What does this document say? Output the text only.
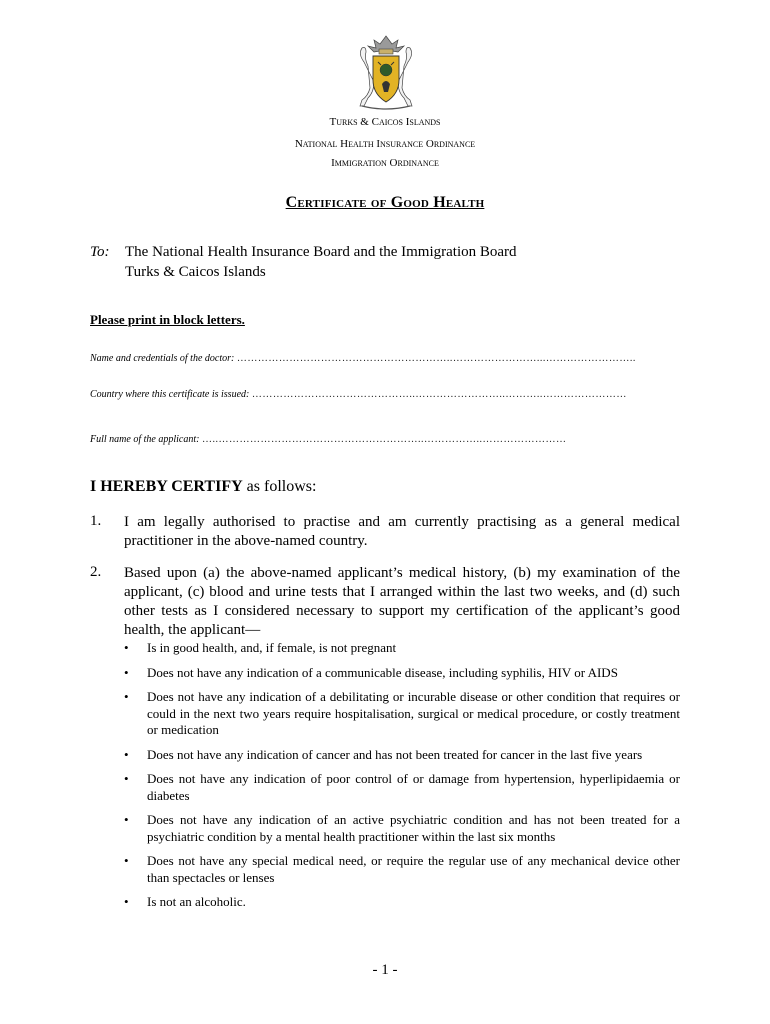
Turks & Caicos Islands
National Health Insurance Ordinance
Immigration Ordinance
Certificate of Good Health
To: The National Health Insurance Board and the Immigration Board
Turks & Caicos Islands
Please print in block letters.
Name and credentials of the doctor: ……………………………………………………..……………………...……………………..
Country where this certificate is issued: ………………………………………..……………………..………..……………………
Full name of the applicant: …..…………………………………………………..……………..……………………
I HEREBY CERTIFY as follows:
1. I am legally authorised to practise and am currently practising as a general medical practitioner in the above-named country.
2. Based upon (a) the above-named applicant’s medical history, (b) my examination of the applicant, (c) blood and urine tests that I arranged within the last two weeks, and (d) such other tests as I considered necessary to support my certification of the applicant’s good health, the applicant—
• Is in good health, and, if female, is not pregnant
• Does not have any indication of a communicable disease, including syphilis, HIV or AIDS
• Does not have any indication of a debilitating or incurable disease or other condition that requires or could in the next two years require hospitalisation, surgical or medical procedure, or costly treatment or medication
• Does not have any indication of cancer and has not been treated for cancer in the last five years
• Does not have any indication of poor control of or damage from hypertension, hyperlipidaemia or diabetes
• Does not have any indication of an active psychiatric condition and has not been treated for a psychiatric condition by a mental health practitioner within the last six months
• Does not have any special medical need, or require the regular use of any mechanical device other than spectacles or lenses
• Is not an alcoholic.
- 1 -
